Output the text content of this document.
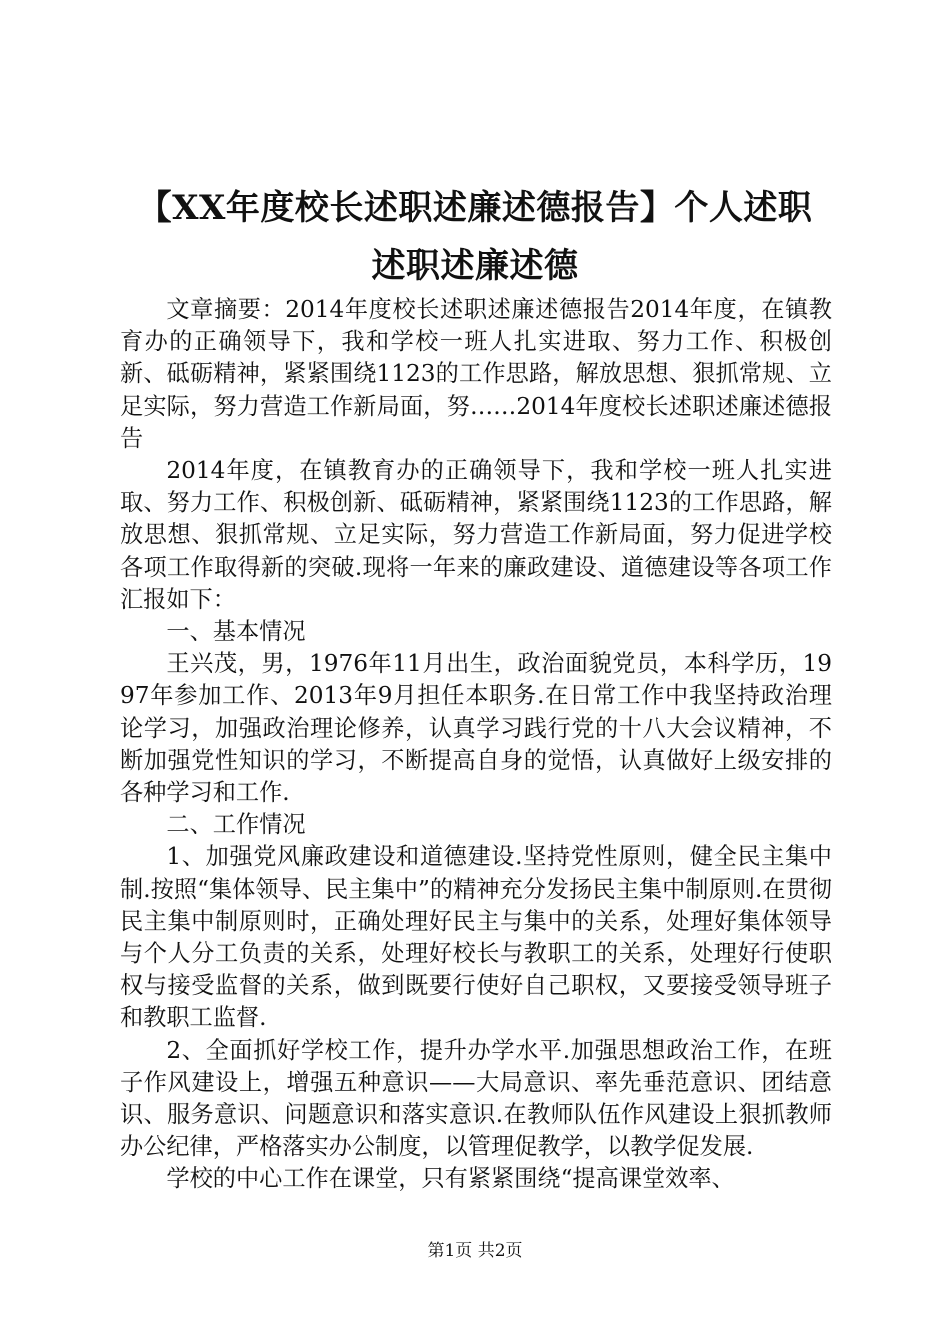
【XX年度校长述职述廉述德报告】个人述职
述职述廉述德

文章摘要：2014年度校长述职述廉述德报告2014年度，在镇教育办的正确领导下，我和学校一班人扎实进取、努力工作、积极创新、砥砺精神，紧紧围绕1123的工作思路，解放思想、狠抓常规、立足实际，努力营造工作新局面，努……2014年度校长述职述廉述德报告

2014年度，在镇教育办的正确领导下，我和学校一班人扎实进取、努力工作、积极创新、砥砺精神，紧紧围绕1123的工作思路，解放思想、狠抓常规、立足实际，努力营造工作新局面，努力促进学校各项工作取得新的突破.现将一年来的廉政建设、道德建设等各项工作汇报如下：

一、基本情况

王兴茂，男，1976年11月出生，政治面貌党员，本科学历，1997年参加工作、2013年9月担任本职务.在日常工作中我坚持政治理论学习，加强政治理论修养，认真学习践行党的十八大会议精神，不断加强党性知识的学习，不断提高自身的觉悟，认真做好上级安排的各种学习和工作.

二、工作情况

1、加强党风廉政建设和道德建设.坚持党性原则，健全民主集中制.按照“集体领导、民主集中”的精神充分发扬民主集中制原则.在贯彻民主集中制原则时，正确处理好民主与集中的关系，处理好集体领导与个人分工负责的关系，处理好校长与教职工的关系，处理好行使职权与接受监督的关系，做到既要行使好自己职权，又要接受领导班子和教职工监督.

2、全面抓好学校工作，提升办学水平.加强思想政治工作，在班子作风建设上，增强五种意识——大局意识、率先垂范意识、团结意识、服务意识、问题意识和落实意识.在教师队伍作风建设上狠抓教师办公纪律，严格落实办公制度，以管理促教学，以教学促发展.

学校的中心工作在课堂，只有紧紧围绕“提高课堂效率、

第1页 共2页
